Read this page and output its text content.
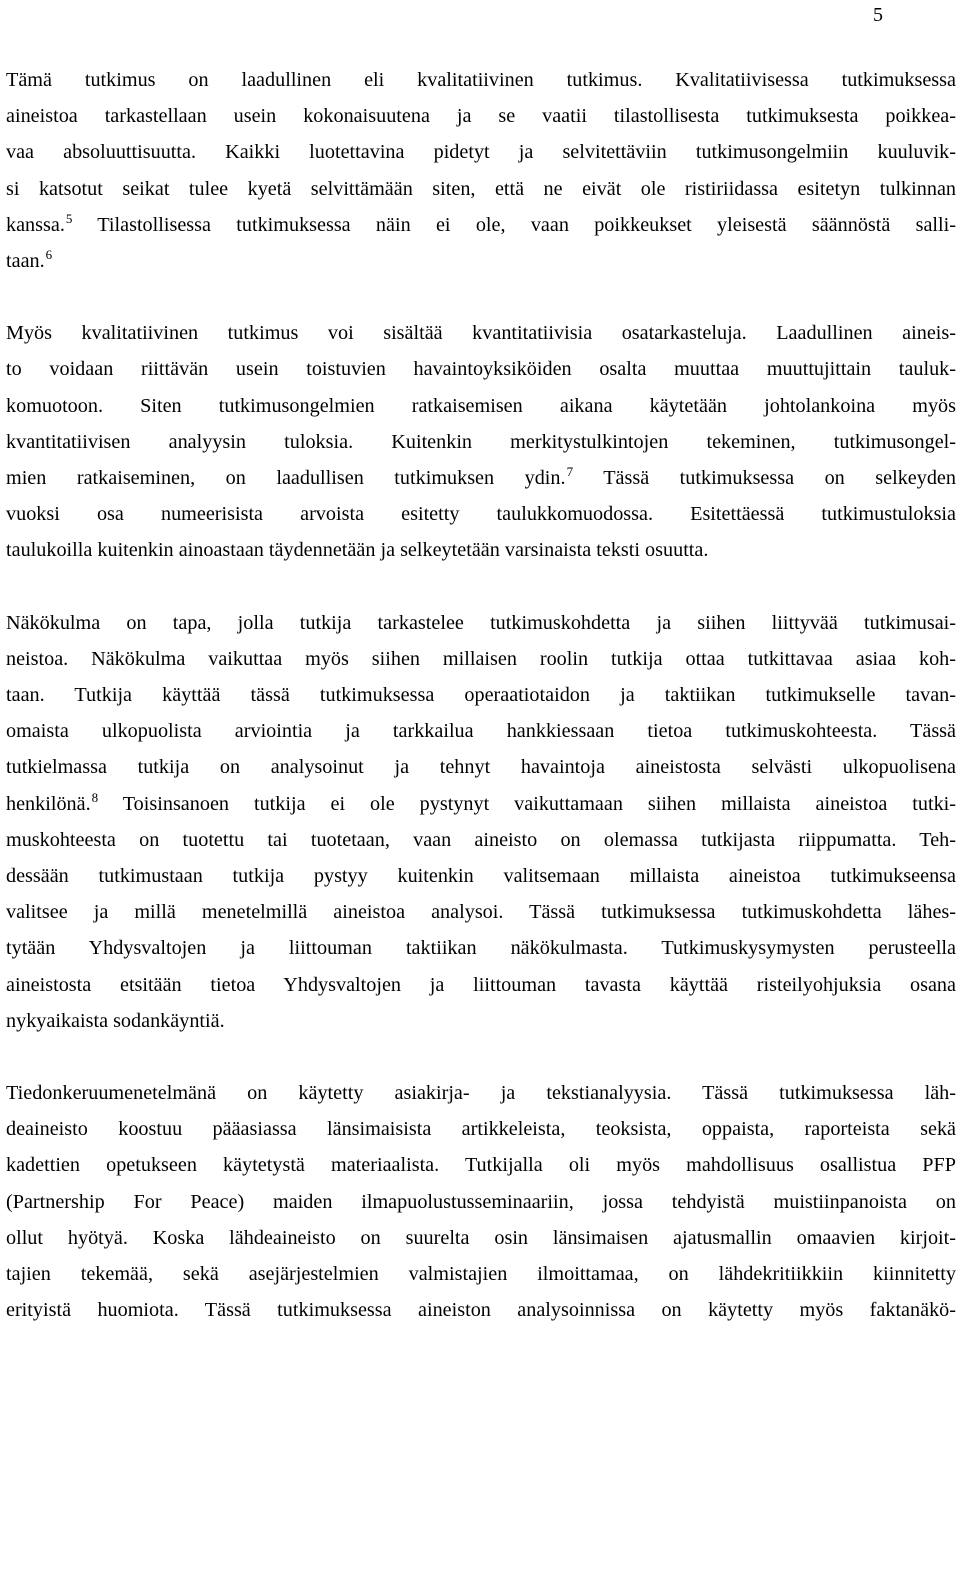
5
Tämä tutkimus on laadullinen eli kvalitatiivinen tutkimus. Kvalitatiivisessa tutkimuksessa
aineistoa tarkastellaan usein kokonaisuutena ja se vaatii tilastollisesta tutkimuksesta poikkea-
vaa absoluuttisuutta. Kaikki luotettavina pidetyt ja selvitettäviin tutkimusongelmiin kuuluvik-
si katsotut seikat tulee kyetä selvittämään siten, että ne eivät ole ristiriidassa esitetyn tulkinnan
kanssa.$^5$ Tilastollisessa tutkimuksessa näin ei ole, vaan poikkeukset yleisestä säännöstä salli-
taan.$^6$
Myös kvalitatiivinen tutkimus voi sisältää kvantitatiivisia osatarkasteluja. Laadullinen aineis-
to voidaan riittävän usein toistuvien havaintoyksiköiden osalta muuttaa muuttujittain tauluk-
komuotoon. Siten tutkimusongelmien ratkaisemisen aikana käytetään johtolankoina myös
kvantitatiivisen analyysin tuloksia. Kuitenkin merkitystulkintojen tekeminen, tutkimusongel-
mien ratkaiseminen, on laadullisen tutkimuksen ydin.$^7$ Tässä tutkimuksessa on selkeyden
vuoksi osa numeerisista arvoista esitetty taulukkomuodossa. Esitettäessä tutkimustuloksia
taulukoilla kuitenkin ainoastaan täydennetään ja selkeytetään varsinaista teksti osuutta.
Näkökulma on tapa, jolla tutkija tarkastelee tutkimuskohdetta ja siihen liittyvää tutkimusai-
neistoa. Näkökulma vaikuttaa myös siihen millaisen roolin tutkija ottaa tutkittavaa asiaa koh-
taan. Tutkija käyttää tässä tutkimuksessa operaatiotaidon ja taktiikan tutkimukselle tavan-
omaista ulkopuolista arviointia ja tarkkailua hankkiessaan tietoa tutkimuskohteesta. Tässä
tutkielmassa tutkija on analysoinut ja tehnyt havaintoja aineistosta selvästi ulkopuolisena
henkilönä.$^8$ Toisinsanoen tutkija ei ole pystynyt vaikuttamaan siihen millaista aineistoa tutki-
muskohteesta on tuotettu tai tuotetaan, vaan aineisto on olemassa tutkijasta riippumatta. Teh-
dessään tutkimustaan tutkija pystyy kuitenkin valitsemaan millaista aineistoa tutkimukseensa
valitsee ja millä menetelmillä aineistoa analysoi. Tässä tutkimuksessa tutkimuskohdetta lähes-
tytään Yhdysvaltojen ja liittouman taktiikan näkökulmasta. Tutkimuskysymysten perusteella
aineistosta etsitään tietoa Yhdysvaltojen ja liittouman tavasta käyttää risteilyohjuksia osana
nykyaikaista sodankäyntiä.
Tiedonkeruumenetelmänä on käytetty asiakirja- ja tekstianalyysia. Tässä tutkimuksessa läh-
deaineisto koostuu pääasiassa länsimaisista artikkeleista, teoksista, oppaista, raporteista sekä
kadettien opetukseen käytetystä materiaalista. Tutkijalla oli myös mahdollisuus osallistua PFP
(Partnership For Peace) maiden ilmapuolustusseminaariin, jossa tehdyistä muistiinpanoista on
ollut hyötyä. Koska lähdeaineisto on suurelta osin länsimaisen ajatusmallin omaavien kirjoit-
tajien tekemää, sekä asejärjestelmien valmistajien ilmoittamaa, on lähdekritiikkiin kiinnitetty
erityistä huomiota. Tässä tutkimuksessa aineiston analysoinnissa on käytetty myös faktanäkö-
